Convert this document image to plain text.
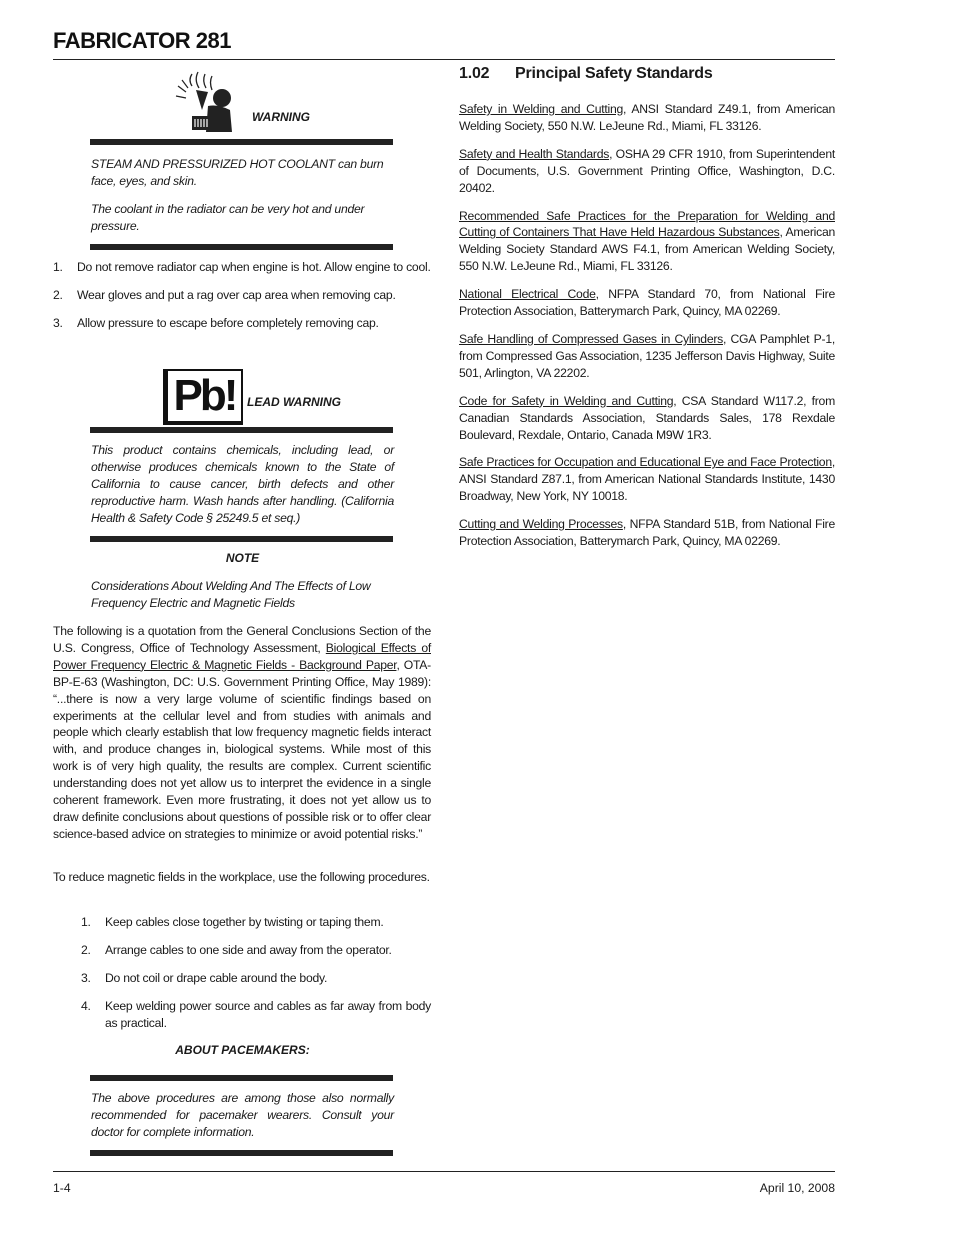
FABRICATOR 281
WARNING

STEAM AND PRESSURIZED HOT COOLANT can burn face, eyes, and skin.

The coolant in the radiator can be very hot and under pressure.

1. Do not remove radiator cap when engine is hot. Allow engine to cool.
2. Wear gloves and put a rag over cap area when removing cap.
3. Allow pressure to escape before completely removing cap.
Pb! LEAD WARNING
This product contains chemicals, including lead, or otherwise produces chemicals known to the State of California to cause cancer, birth defects and other reproductive harm. Wash hands after handling. (California Health & Safety Code § 25249.5 et seq.)
NOTE
Considerations About Welding And The Effects of Low Frequency Electric and Magnetic Fields
The following is a quotation from the General Conclusions Section of the U.S. Congress, Office of Technology Assessment, Biological Effects of Power Frequency Electric & Magnetic Fields - Background Paper, OTA-BP-E-63 (Washington, DC: U.S. Government Printing Office, May 1989): “...there is now a very large volume of scientific findings based on experiments at the cellular level and from studies with animals and people which clearly establish that low frequency magnetic fields interact with, and produce changes in, biological systems. While most of this work is of very high quality, the results are complex. Current scientific understanding does not yet allow us to interpret the evidence in a single coherent framework. Even more frustrating, it does not yet allow us to draw definite conclusions about questions of possible risk or to offer clear science-based advice on strategies to minimize or avoid potential risks.”
To reduce magnetic fields in the workplace, use the following procedures.
1. Keep cables close together by twisting or taping them.
2. Arrange cables to one side and away from the operator.
3. Do not coil or drape cable around the body.
4. Keep welding power source and cables as far away from body as practical.
ABOUT PACEMAKERS:
The above procedures are among those also normally recommended for pacemaker wearers. Consult your doctor for complete information.
1.02 Principal Safety Standards

Safety in Welding and Cutting, ANSI Standard Z49.1, from American Welding Society, 550 N.W. LeJeune Rd., Miami, FL 33126.

Safety and Health Standards, OSHA 29 CFR 1910, from Superintendent of Documents, U.S. Government Printing Office, Washington, D.C. 20402.

Recommended Safe Practices for the Preparation for Welding and Cutting of Containers That Have Held Hazardous Substances, American Welding Society Standard AWS F4.1, from American Welding Society, 550 N.W. LeJeune Rd., Miami, FL 33126.

National Electrical Code, NFPA Standard 70, from National Fire Protection Association, Batterymarch Park, Quincy, MA 02269.

Safe Handling of Compressed Gases in Cylinders, CGA Pamphlet P-1, from Compressed Gas Association, 1235 Jefferson Davis Highway, Suite 501, Arlington, VA 22202.

Code for Safety in Welding and Cutting, CSA Standard W117.2, from Canadian Standards Association, Standards Sales, 178 Rexdale Boulevard, Rexdale, Ontario, Canada M9W 1R3.

Safe Practices for Occupation and Educational Eye and Face Protection, ANSI Standard Z87.1, from American National Standards Institute, 1430 Broadway, New York, NY 10018.

Cutting and Welding Processes, NFPA Standard 51B, from National Fire Protection Association, Batterymarch Park, Quincy, MA 02269.

1-4	April 10, 2008
